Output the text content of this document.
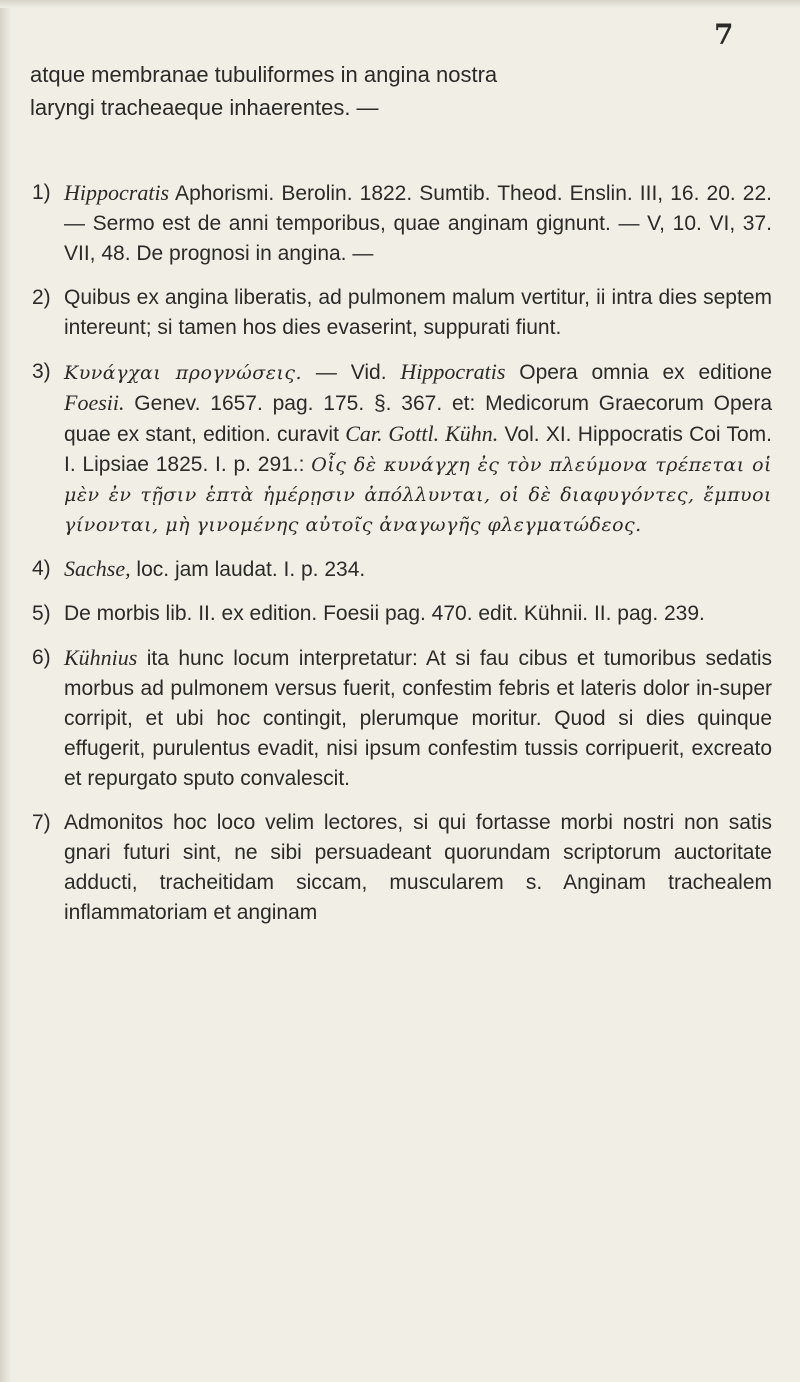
7
atque membranae tubuliformes in angina nostra
laryngi tracheaeque inhaerentes. —
1) Hippocratis Aphorismi. Berolin. 1822. Sumtib. Theod. Enslin. III, 16. 20. 22. — Sermo est de anni temporibus, quae anginam gignunt. — V, 10. VI, 37. VII, 48. De prognosi in angina. —
2) Quibus ex angina liberatis, ad pulmonem malum vertitur, ii intra dies septem intereunt; si tamen hos dies evaserint, suppurati fiunt.
3) Κυνάγχαι προγνώσεις. — Vid. Hippocratis Opera omnia ex editione Foesii. Genev. 1657. pag. 175. §. 367. et: Medicorum Graecorum Opera quae ex stant, edition. curavit Car. Gottl. Kühn. Vol. XI. Hippocratis Coi Tom. I. Lipsiae 1825. I. p. 291.: Οἷς δὲ κυνάγχη ἐς τὸν πλεύμονα τρέπεται οἱ μὲν ἐν τῇσιν ἑπτὰ ἡμέρῃσιν ἀπόλλυνται, οἱ δὲ διαφυγόντες, ἔμπυοι γίνονται, μὴ γινομένης αὐτοῖς ἀναγωγῆς φλεγματώδεος.
4) Sachse, loc. jam laudat. I. p. 234.
5) De morbis lib. II. ex edition. Foesii pag. 470. edit. Kühnii. II. pag. 239.
6) Kühnius ita hunc locum interpretatur: At si fau cibus et tumoribus sedatis morbus ad pulmonem versus fuerit, confestim febris et lateris dolor in-super corripit, et ubi hoc contingit, plerumque moritur. Quod si dies quinque effugerit, purulentus evadit, nisi ipsum confestim tussis corripuerit, excreato et repurgato sputo convalescit.
7) Admonitos hoc loco velim lectores, si qui fortasse morbi nostri non satis gnari futuri sint, ne sibi persuadeant quorundam scriptorum auctoritate adducti, tracheitidam siccam, muscularem s. Anginam trachealem inflammatoriam et anginam
